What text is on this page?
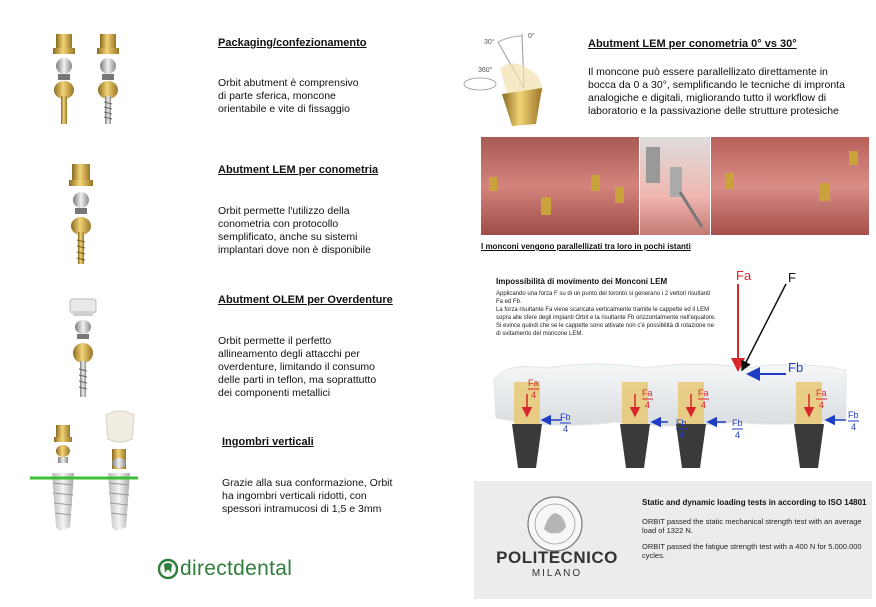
Packaging/confezionamento

Orbit abutment è comprensivo
di parte sferica, moncone
orientabile e vite di fissaggio

Abutment LEM per conometria

Orbit permette l'utilizzo della
conometria con protocollo
semplificato, anche su sistemi
implantari dove non è disponibile

Abutment OLEM per Overdenture

Orbit permette il perfetto
allineamento degli attacchi per
overdenture, limitando il consumo
delle parti in teflon, ma soprattutto
dei componenti metallici

Ingombri verticali

Grazie alla sua conformazione, Orbit
ha ingombri verticali ridotti, con
spessori intramucosi di 1,5 e 3mm

directdental
30°
0°
360°

Abutment LEM per conometria 0° vs 30°

Il moncone può essere parallellizato direttamente in
bocca da 0 a 30°, semplificando le tecniche di impronta
analogiche e digitali, migliorando tutto il workflow di
laboratorio e la passivazione delle strutture protesiche

I monconi vengono parallellizati tra loro in pochi istanti
Impossibilità di movimento dei Monconi LEM

Applicando una forza F su di un punto del toronto si generano i 2 vettori risultanti Fa ed Fb.

La forza risultante Fa viene scaricata verticalmente tramite le cappette ed il LEM sopra alle sfere degli impianti Orbit e la risultante Fb orizzontalmente nell'equatore.

Si evince quindi che se le cappette sono attivate non c'è possibilità di rotazione ne di svitamento del moncone LEM.

Fa	F
Fb
Fa
4	Fa
4
Fa
4
Fa
4
Fb
4
Fb
4
Fb
4
Fb
4
POLITECNICO
MILANO
Static and dynamic loading tests in according to ISO 14801

ORBIT passed the static mechanical strength test with an average load of 1322 N.

ORBIT passed the fatigue strength test with a 400 N for 5.000.000 cycles.
